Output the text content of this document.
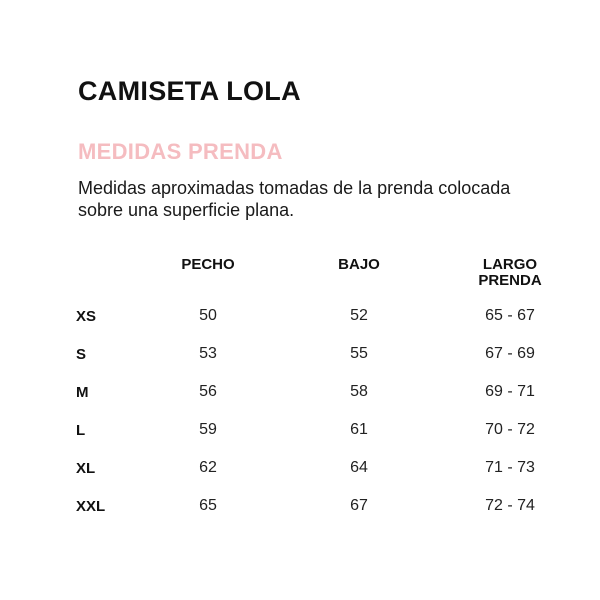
CAMISETA LOLA
MEDIDAS PRENDA

Medidas aproximadas tomadas de la prenda colocada sobre una superficie plana.

PECHO	BAJO	LARGO
PRENDA
XS	50	52	65 - 67
S	53	55	67 - 69
M	56	58	69 - 71
L	59	61	70 - 72
XL	62	64	71 - 73
XXL	65	67	72 - 74
